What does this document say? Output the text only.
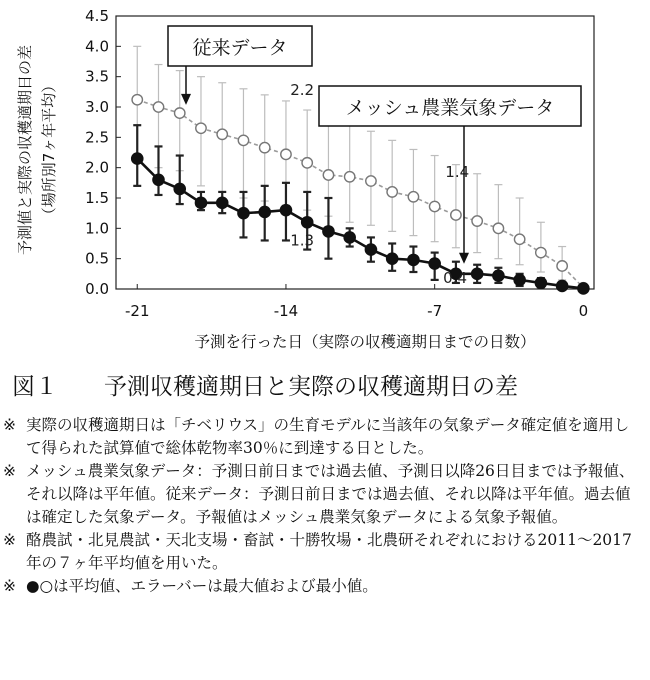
0.0
0.5
1.0
1.5
2.0
2.5
3.0
3.5
4.0
4.5
-21	-14	-7	0
2.2
1.4
1.3
0.4
従来データ
メッシュ農業気象データ
予測値と実際の収穫適期日の差 （場所別7ヶ年平均）
予測を行った日（実際の収穫適期日までの日数）
図１ 予測収穫適期日と実際の収穫適期日の差
※ 実際の収穫適期日は「チベリウス」の生育モデルに当該年の気象データ確定値を適用して得られた試算値で総体乾物率30％に到達する日とした。

※ メッシュ農業気象データ：予測日前日までは過去値、予測日以降26日目までは予報値、それ以降は平年値。従来データ：予測日前日までは過去値、それ以降は平年値。過去値は確定した気象データ。予報値はメッシュ農業気象データによる気象予報値。

※ 酪農試・北見農試・天北支場・畜試・十勝牧場・北農研それぞれにおける2011〜2017年の７ヶ年平均値を用いた。

※ ●○は平均値、エラーバーは最大値および最小値。
